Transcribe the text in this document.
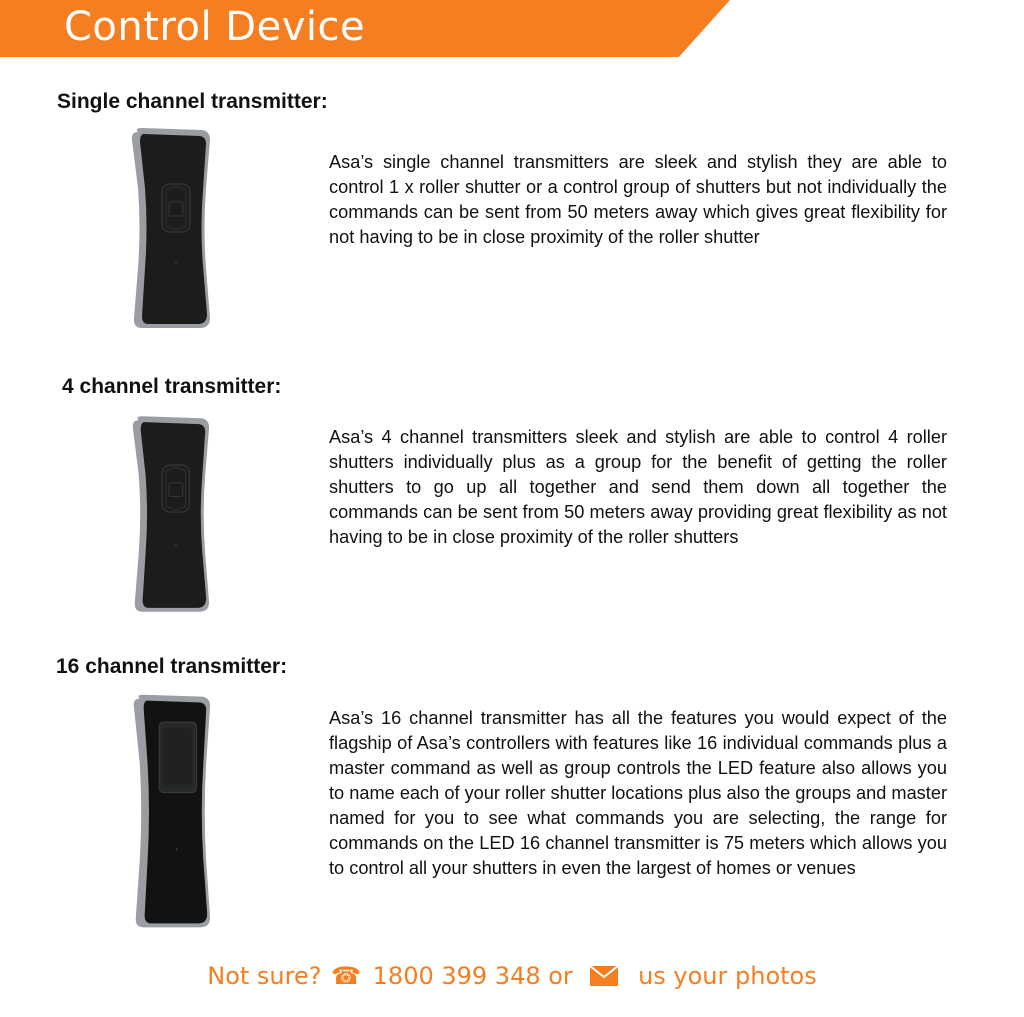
Control Device
Single channel transmitter:

Asa’s single channel transmitters are sleek and stylish they are able to control 1 x roller shutter or a control group of shutters but not individually the commands can be sent from 50 meters away which gives great flexibility for not having to be in close proximity of the roller shutter

4 channel transmitter:

Asa’s 4 channel transmitters sleek and stylish are able to control 4 roller shutters individually plus as a group for the benefit of getting the roller shutters to go up all together and send them down all together the commands can be sent from 50 meters away providing great flexibility as not having to be in close proximity of the roller shutters

16 channel transmitter:

Asa’s 16 channel transmitter has all the features you would expect of the flagship of Asa’s controllers with features like 16 individual commands plus a master command as well as group controls the LED feature also allows you to name each of your roller shutter locations plus also the groups and master named for you to see what commands you are selecting, the range for commands on the LED 16 channel transmitter is 75 meters which allows you to control all your shutters in even the largest of homes or venues

Not sure? ☎ 1800 399 348 or	us your photos
